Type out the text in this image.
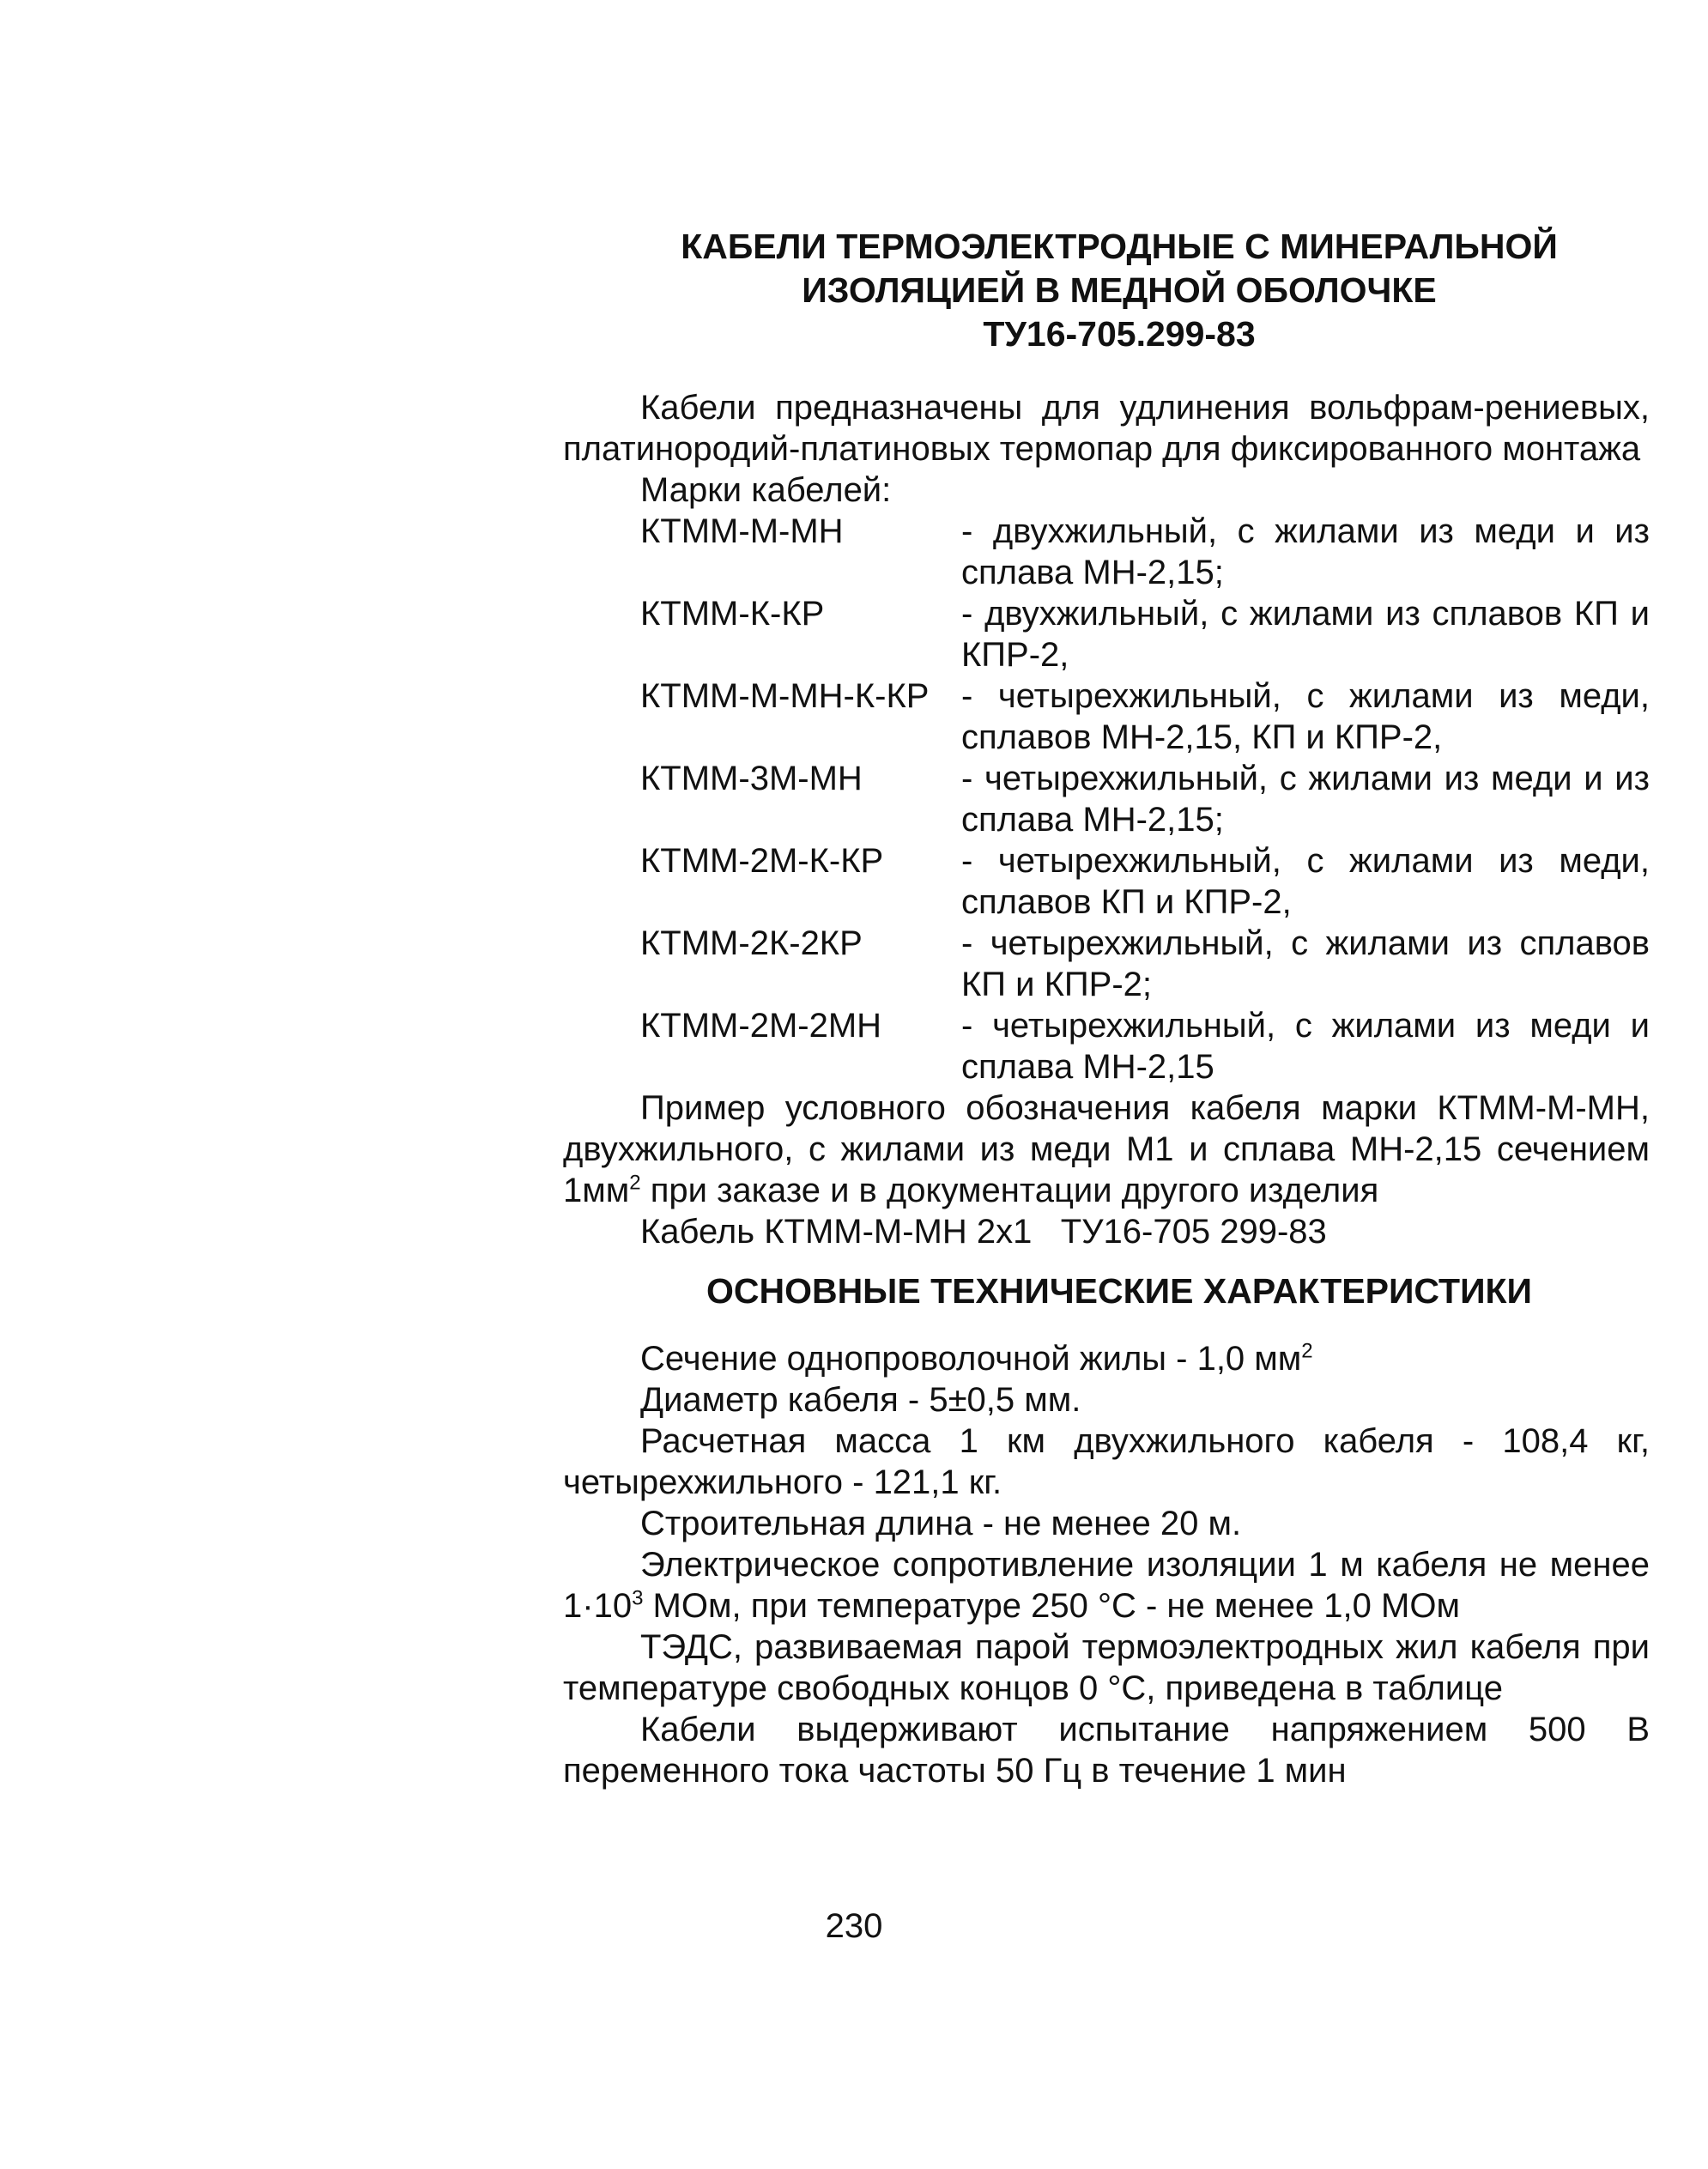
КАБЕЛИ ТЕРМОЭЛЕКТРОДНЫЕ С МИНЕРАЛЬНОЙ
ИЗОЛЯЦИЕЙ В МЕДНОЙ ОБОЛОЧКЕ
ТУ16-705.299-83
Кабели предназначены для удлинения вольфрам-рениевых, платинородий-платиновых термопар для фиксированного монтажа
Марки кабелей:
КТММ-М-МН	- двухжильный, с жилами из меди и из сплава МН-2,15;
КТММ-К-КР	- двухжильный, с жилами из сплавов КП и КПР-2,
КТММ-М-МН-К-КР - четырехжильный, с жилами из меди, сплавов МН-2,15, КП и КПР-2,
КТММ-3М-МН	- четырехжильный, с жилами из меди и из сплава МН-2,15;
КТММ-2М-К-КР	- четырехжильный, с жилами из меди, сплавов КП и КПР-2,
КТММ-2К-2КР	- четырехжильный, с жилами из сплавов КП и КПР-2;
КТММ-2М-2МН	- четырехжильный, с жилами из меди и сплава МН-2,15
Пример условного обозначения кабеля марки КТММ-М-МН, двухжильного, с жилами из меди М1 и сплава МН-2,15 сечением $1мм^2$ при заказе и в документации другого изделия
Кабель КТММ-М-МН 2х1   ТУ16-705 299-83
ОСНОВНЫЕ ТЕХНИЧЕСКИЕ ХАРАКТЕРИСТИКИ
Сечение однопроволочной жилы - 1,0 $мм^2$
Диаметр кабеля - 5±0,5 мм.
Расчетная масса 1 км двухжильного кабеля - 108,4 кг, четырехжильного - 121,1 кг.
Строительная длина - не менее 20 м.
Электрическое сопротивление изоляции 1 м кабеля не менее $1\cdot 10^3$ МОм, при температуре 250 °С - не менее 1,0 МОм
ТЭДС, развиваемая парой термоэлектродных жил кабеля при температуре свободных концов 0 °С, приведена в таблице
Кабели выдерживают испытание напряжением 500 В переменного тока частоты 50 Гц в течение 1 мин
230
